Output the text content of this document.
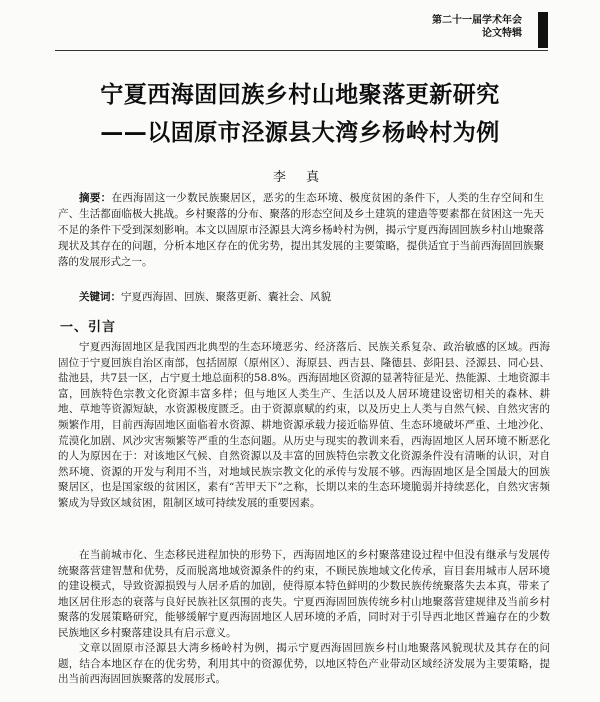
第二十一届学术年会
论文特辑
宁夏西海固回族乡村山地聚落更新研究
——以固原市泾源县大湾乡杨岭村为例
李 真

摘要：在西海固这一少数民族聚居区，恶劣的生态环境、极度贫困的条件下，人类的生存空间和生产、生活都面临极大挑战。乡村聚落的分布、聚落的形态空间及乡土建筑的建造等要素都在贫困这一先天不足的条件下受到深刻影响。本文以固原市泾源县大湾乡杨岭村为例，揭示宁夏西海固回族乡村山地聚落现状及其存在的问题，分析本地区存在的优劣势，提出其发展的主要策略，提供适宜于当前西海固回族聚落的发展形式之一。

关键词：宁夏西海固、回族、聚落更新、囊社会、风貌

一、引言

宁夏西海固地区是我国西北典型的生态环境恶劣、经济落后、民族关系复杂、政治敏感的区域。西海固位于宁夏回族自治区南部，包括固原（原州区）、海原县、西吉县、隆德县、彭阳县、泾源县、同心县、盐池县，共7县一区，占宁夏土地总面积的58.8%。西海固地区资源的显著特征是光、热能源、土地资源丰富，回族特色宗教文化资源丰富多样；但与地区人类生产、生活以及人居环境建设密切相关的森林、耕地、草地等资源短缺，水资源极度匮乏。由于资源禀赋的约束，以及历史上人类与自然气候、自然灾害的频繁作用，目前西海固地区面临着水资源、耕地资源承载力接近临界值、生态环境破坏严重、土地沙化、荒漠化加剧、风沙灾害频繁等严重的生态问题。从历史与现实的教训来看，西海固地区人居环境不断恶化的人为原因在于：对该地区气候、自然资源以及丰富的回族特色宗教文化资源条件没有清晰的认识，对自然环境、资源的开发与利用不当，对地域民族宗教文化的承传与发展不够。西海固地区是全国最大的回族聚居区，也是国家级的贫困区，素有“苦甲天下”之称，长期以来的生态环境脆弱并持续恶化，自然灾害频繁成为导致区域贫困，阻制区域可持续发展的重要因素。

在当前城市化、生态移民进程加快的形势下，西海固地区的乡村聚落建设过程中但没有继承与发展传统聚落营建智慧和优势，反而脱离地域资源条件的约束，不顾民族地域文化传承，盲目套用城市人居环境的建设模式，导致资源损毁与人居矛盾的加剧，使得原本特色鲜明的少数民族传统聚落失去本真，带来了地区居住形态的衰落与良好民族社区氛围的丧失。宁夏西海固回族传统乡村山地聚落营建规律及当前乡村聚落的发展策略研究，能够缓解宁夏西海固地区人居环境的矛盾，同时对于引导西北地区普遍存在的少数民族地区乡村聚落建设具有启示意义。

文章以固原市泾源县大湾乡杨岭村为例，揭示宁夏西海固回族乡村山地聚落风貌现状及其存在的问题，结合本地区存在的优劣势，利用其中的资源优势，以地区特色产业带动区域经济发展为主要策略，提出当前西海固回族聚落的发展形式。
